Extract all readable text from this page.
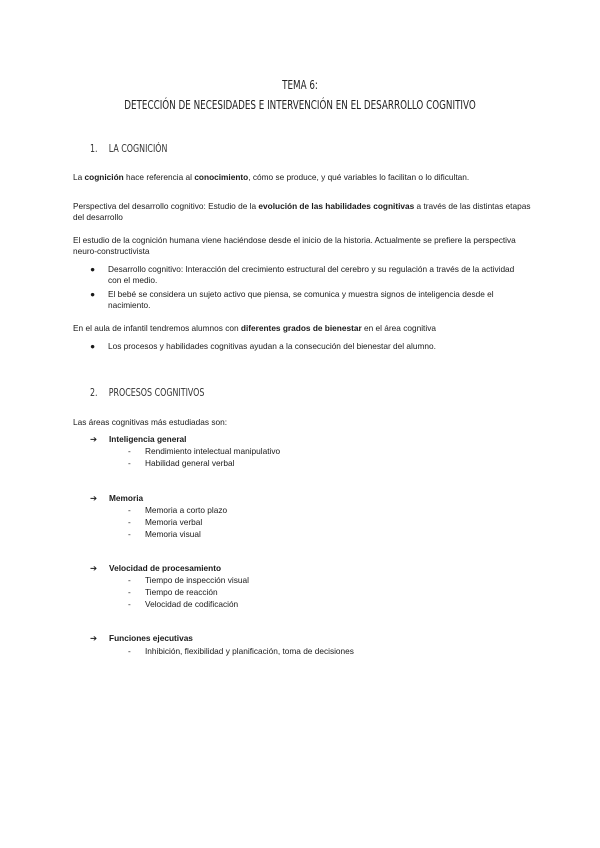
TEMA 6:
DETECCIÓN DE NECESIDADES E INTERVENCIÓN EN EL DESARROLLO COGNITIVO
1. LA COGNICIÓN
La cognición hace referencia al conocimiento, cómo se produce, y qué variables lo facilitan o lo dificultan.
Perspectiva del desarrollo cognitivo: Estudio de la evolución de las habilidades cognitivas a través de las distintas etapas del desarrollo
El estudio de la cognición humana viene haciéndose desde el inicio de la historia. Actualmente se prefiere la perspectiva neuro-constructivista
● Desarrollo cognitivo: Interacción del crecimiento estructural del cerebro y su regulación a través de la actividad con el medio.
● El bebé se considera un sujeto activo que piensa, se comunica y muestra signos de inteligencia desde el nacimiento.
En el aula de infantil tendremos alumnos con diferentes grados de bienestar en el área cognitiva
● Los procesos y habilidades cognitivas ayudan a la consecución del bienestar del alumno.
2. PROCESOS COGNITIVOS
Las áreas cognitivas más estudiadas son:
➔ Inteligencia general
- Rendimiento intelectual manipulativo
- Habilidad general verbal
➔ Memoria
- Memoria a corto plazo
- Memoria verbal
- Memoria visual
➔ Velocidad de procesamiento
- Tiempo de inspección visual
- Tiempo de reacción
- Velocidad de codificación
➔ Funciones ejecutivas
- Inhibición, flexibilidad y planificación, toma de decisiones
